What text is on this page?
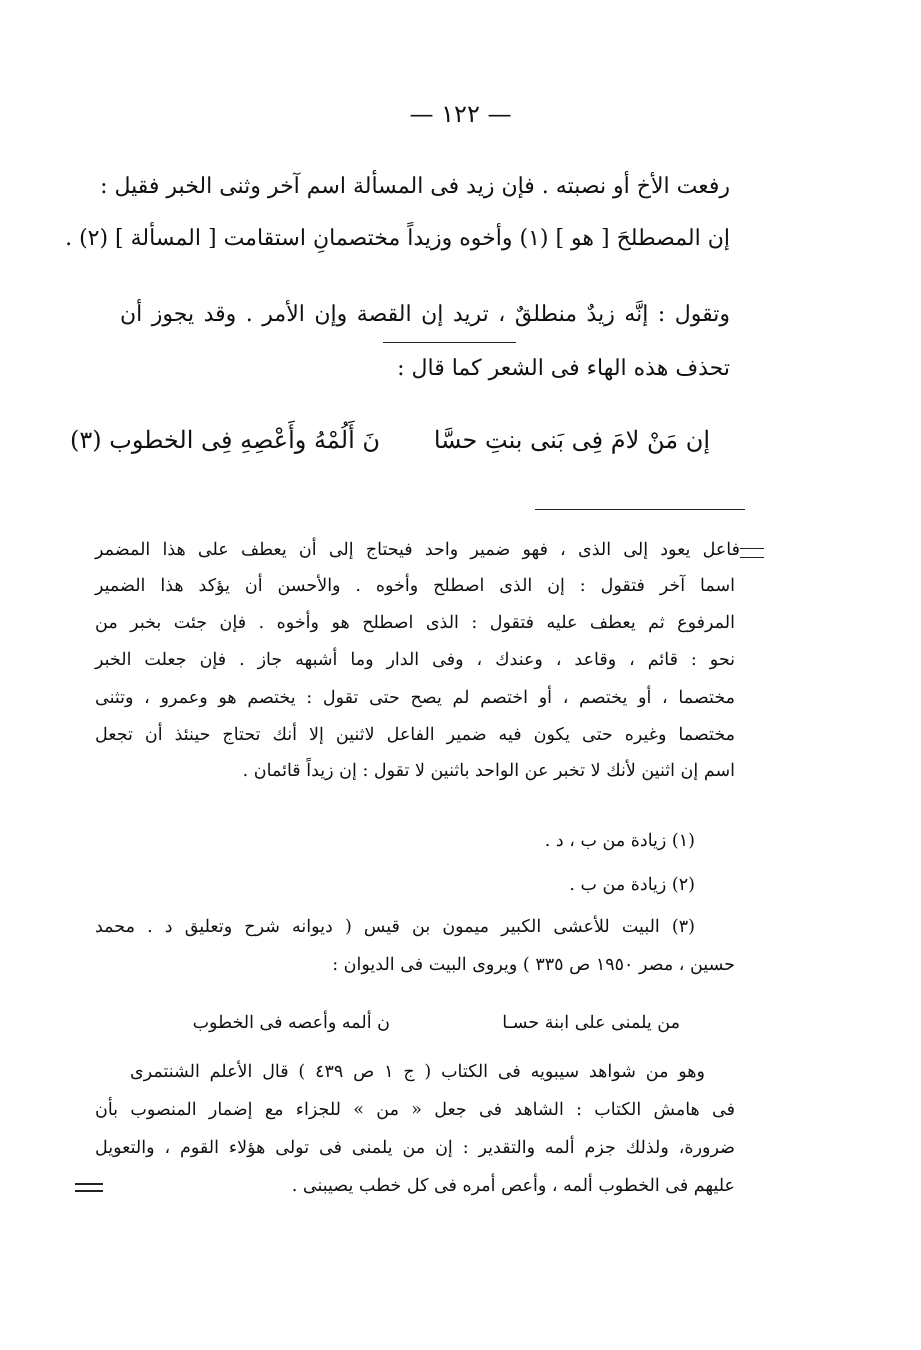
— ١٢٢ —
رفعت الأخ أو نصبته . فإن زيد فى المسألة اسم آخر وثنى الخبر فقيل :
إن المصطلحَ [ هو ] (١) وأخوه وزيداً مختصمانِ استقامت [ المسألة ] (٢) .
وتقول : إنَّه زيدٌ منطلقٌ ، تريد إن القصة وإن الأمر . وقد يجوز أن
تحذف هذه الهاء فى الشعر كما قال :
إن مَنْ لامَ فِى بَنى بنتِ حسَّا
نَ أَلُمْهُ وأَعْصِهِ فِى الخطوب (٣)
فاعل يعود إلى الذى ، فهو ضمير واحد فيحتاج إلى أن يعطف على هذا المضمر
اسما آخر فتقول : إن الذى اصطلح وأخوه . والأحسن أن يؤكد هذا الضمير
المرفوع ثم يعطف عليه فتقول : الذى اصطلح هو وأخوه . فإن جئت بخبر من
نحو : قائم ، وقاعد ، وعندك ، وفى الدار وما أشبهه جاز . فإن جعلت الخبر
مختصما ، أو يختصم ، أو اختصم لم يصح حتى تقول : يختصم هو وعمرو ، وتثنى
مختصما وغيره حتى يكون فيه ضمير الفاعل لاثنين إلا أنك تحتاج حينئذ أن تجعل
اسم إن اثنين لأنك لا تخبر عن الواحد باثنين لا تقول : إن زيداً قائمان .
(١) زيادة من ب ، د .
(٢) زيادة من ب .
(٣) البيت للأعشى الكبير ميمون بن قيس ( ديوانه شرح وتعليق د . محمد
حسين ، مصر ١٩٥٠ ص ٣٣٥ ) ويروى البيت فى الديوان :
من يلمنى على ابنة حسـا
ن ألمه وأعصه فى الخطوب
وهو من شواهد سيبويه فى الكتاب ( ج ١ ص ٤٣٩ ) قال الأعلم الشنتمرى
فى هامش الكتاب : الشاهد فى جعل « من » للجزاء مع إضمار المنصوب بأن
ضرورة، ولذلك جزم ألمه والتقدير : إن من يلمنى فى تولى هؤلاء القوم ، والتعويل
عليهم فى الخطوب ألمه ، وأعص أمره فى كل خطب يصيبنى .
